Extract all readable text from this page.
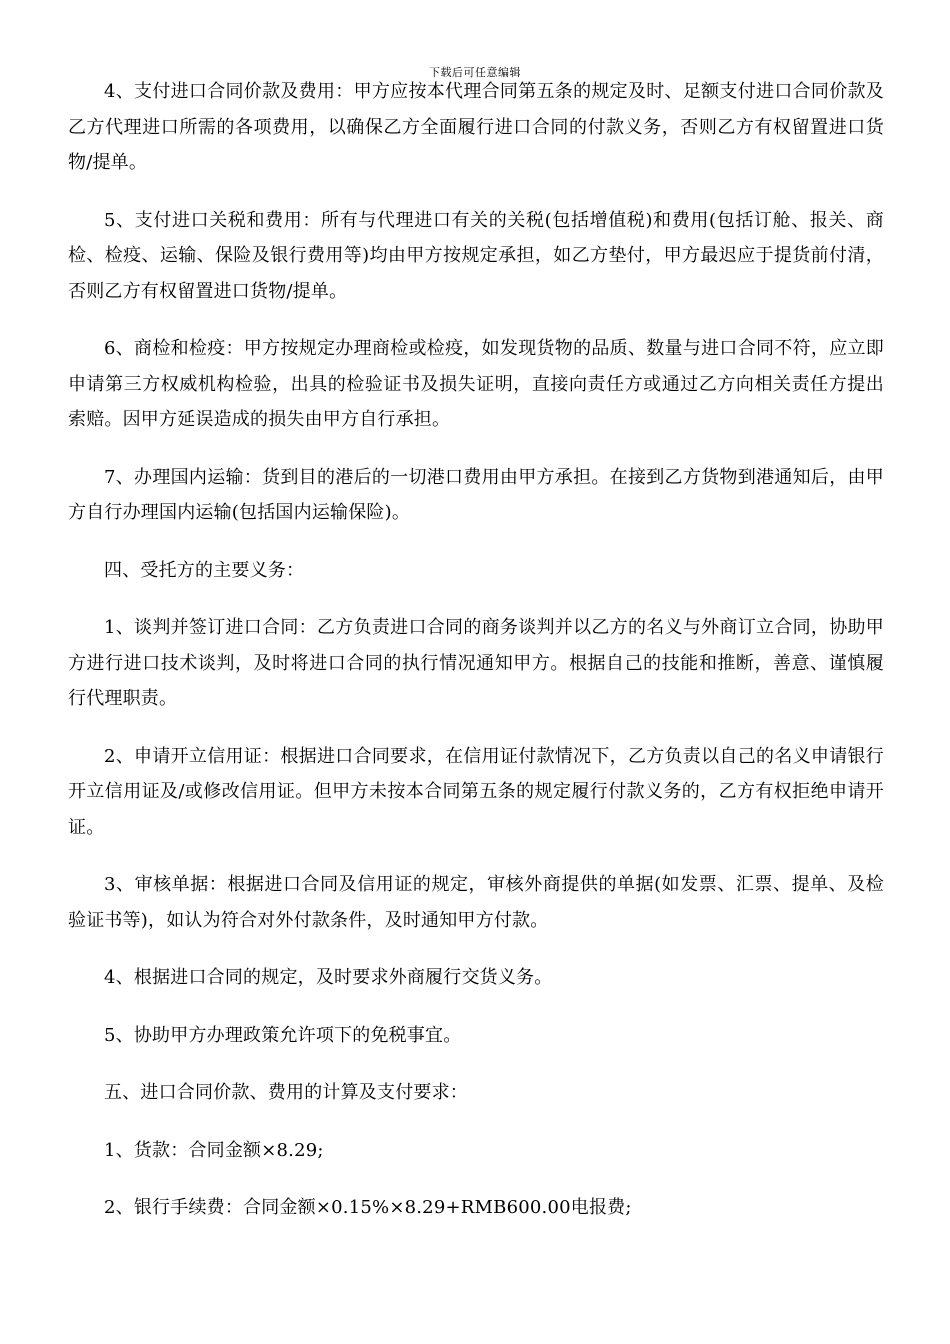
下载后可任意编辑

4、支付进口合同价款及费用：甲方应按本代理合同第五条的规定及时、足额支付进口合同价款及乙方代理进口所需的各项费用，以确保乙方全面履行进口合同的付款义务，否则乙方有权留置进口货物/提单。

5、支付进口关税和费用：所有与代理进口有关的关税(包括增值税)和费用(包括订舱、报关、商检、检疫、运输、保险及银行费用等)均由甲方按规定承担，如乙方垫付，甲方最迟应于提货前付清，否则乙方有权留置进口货物/提单。

6、商检和检疫：甲方按规定办理商检或检疫，如发现货物的品质、数量与进口合同不符，应立即申请第三方权威机构检验，出具的检验证书及损失证明，直接向责任方或通过乙方向相关责任方提出索赔。因甲方延误造成的损失由甲方自行承担。

7、办理国内运输：货到目的港后的一切港口费用由甲方承担。在接到乙方货物到港通知后，由甲方自行办理国内运输(包括国内运输保险)。

四、受托方的主要义务：

1、谈判并签订进口合同：乙方负责进口合同的商务谈判并以乙方的名义与外商订立合同，协助甲方进行进口技术谈判，及时将进口合同的执行情况通知甲方。根据自己的技能和推断，善意、谨慎履行代理职责。

2、申请开立信用证：根据进口合同要求，在信用证付款情况下，乙方负责以自己的名义申请银行开立信用证及/或修改信用证。但甲方未按本合同第五条的规定履行付款义务的，乙方有权拒绝申请开证。

3、审核单据：根据进口合同及信用证的规定，审核外商提供的单据(如发票、汇票、提单、及检验证书等)，如认为符合对外付款条件，及时通知甲方付款。

4、根据进口合同的规定，及时要求外商履行交货义务。

5、协助甲方办理政策允许项下的免税事宜。

五、进口合同价款、费用的计算及支付要求：

1、货款：合同金额×8.29;

2、银行手续费：合同金额×0.15%×8.29+RMB600.00电报费;
